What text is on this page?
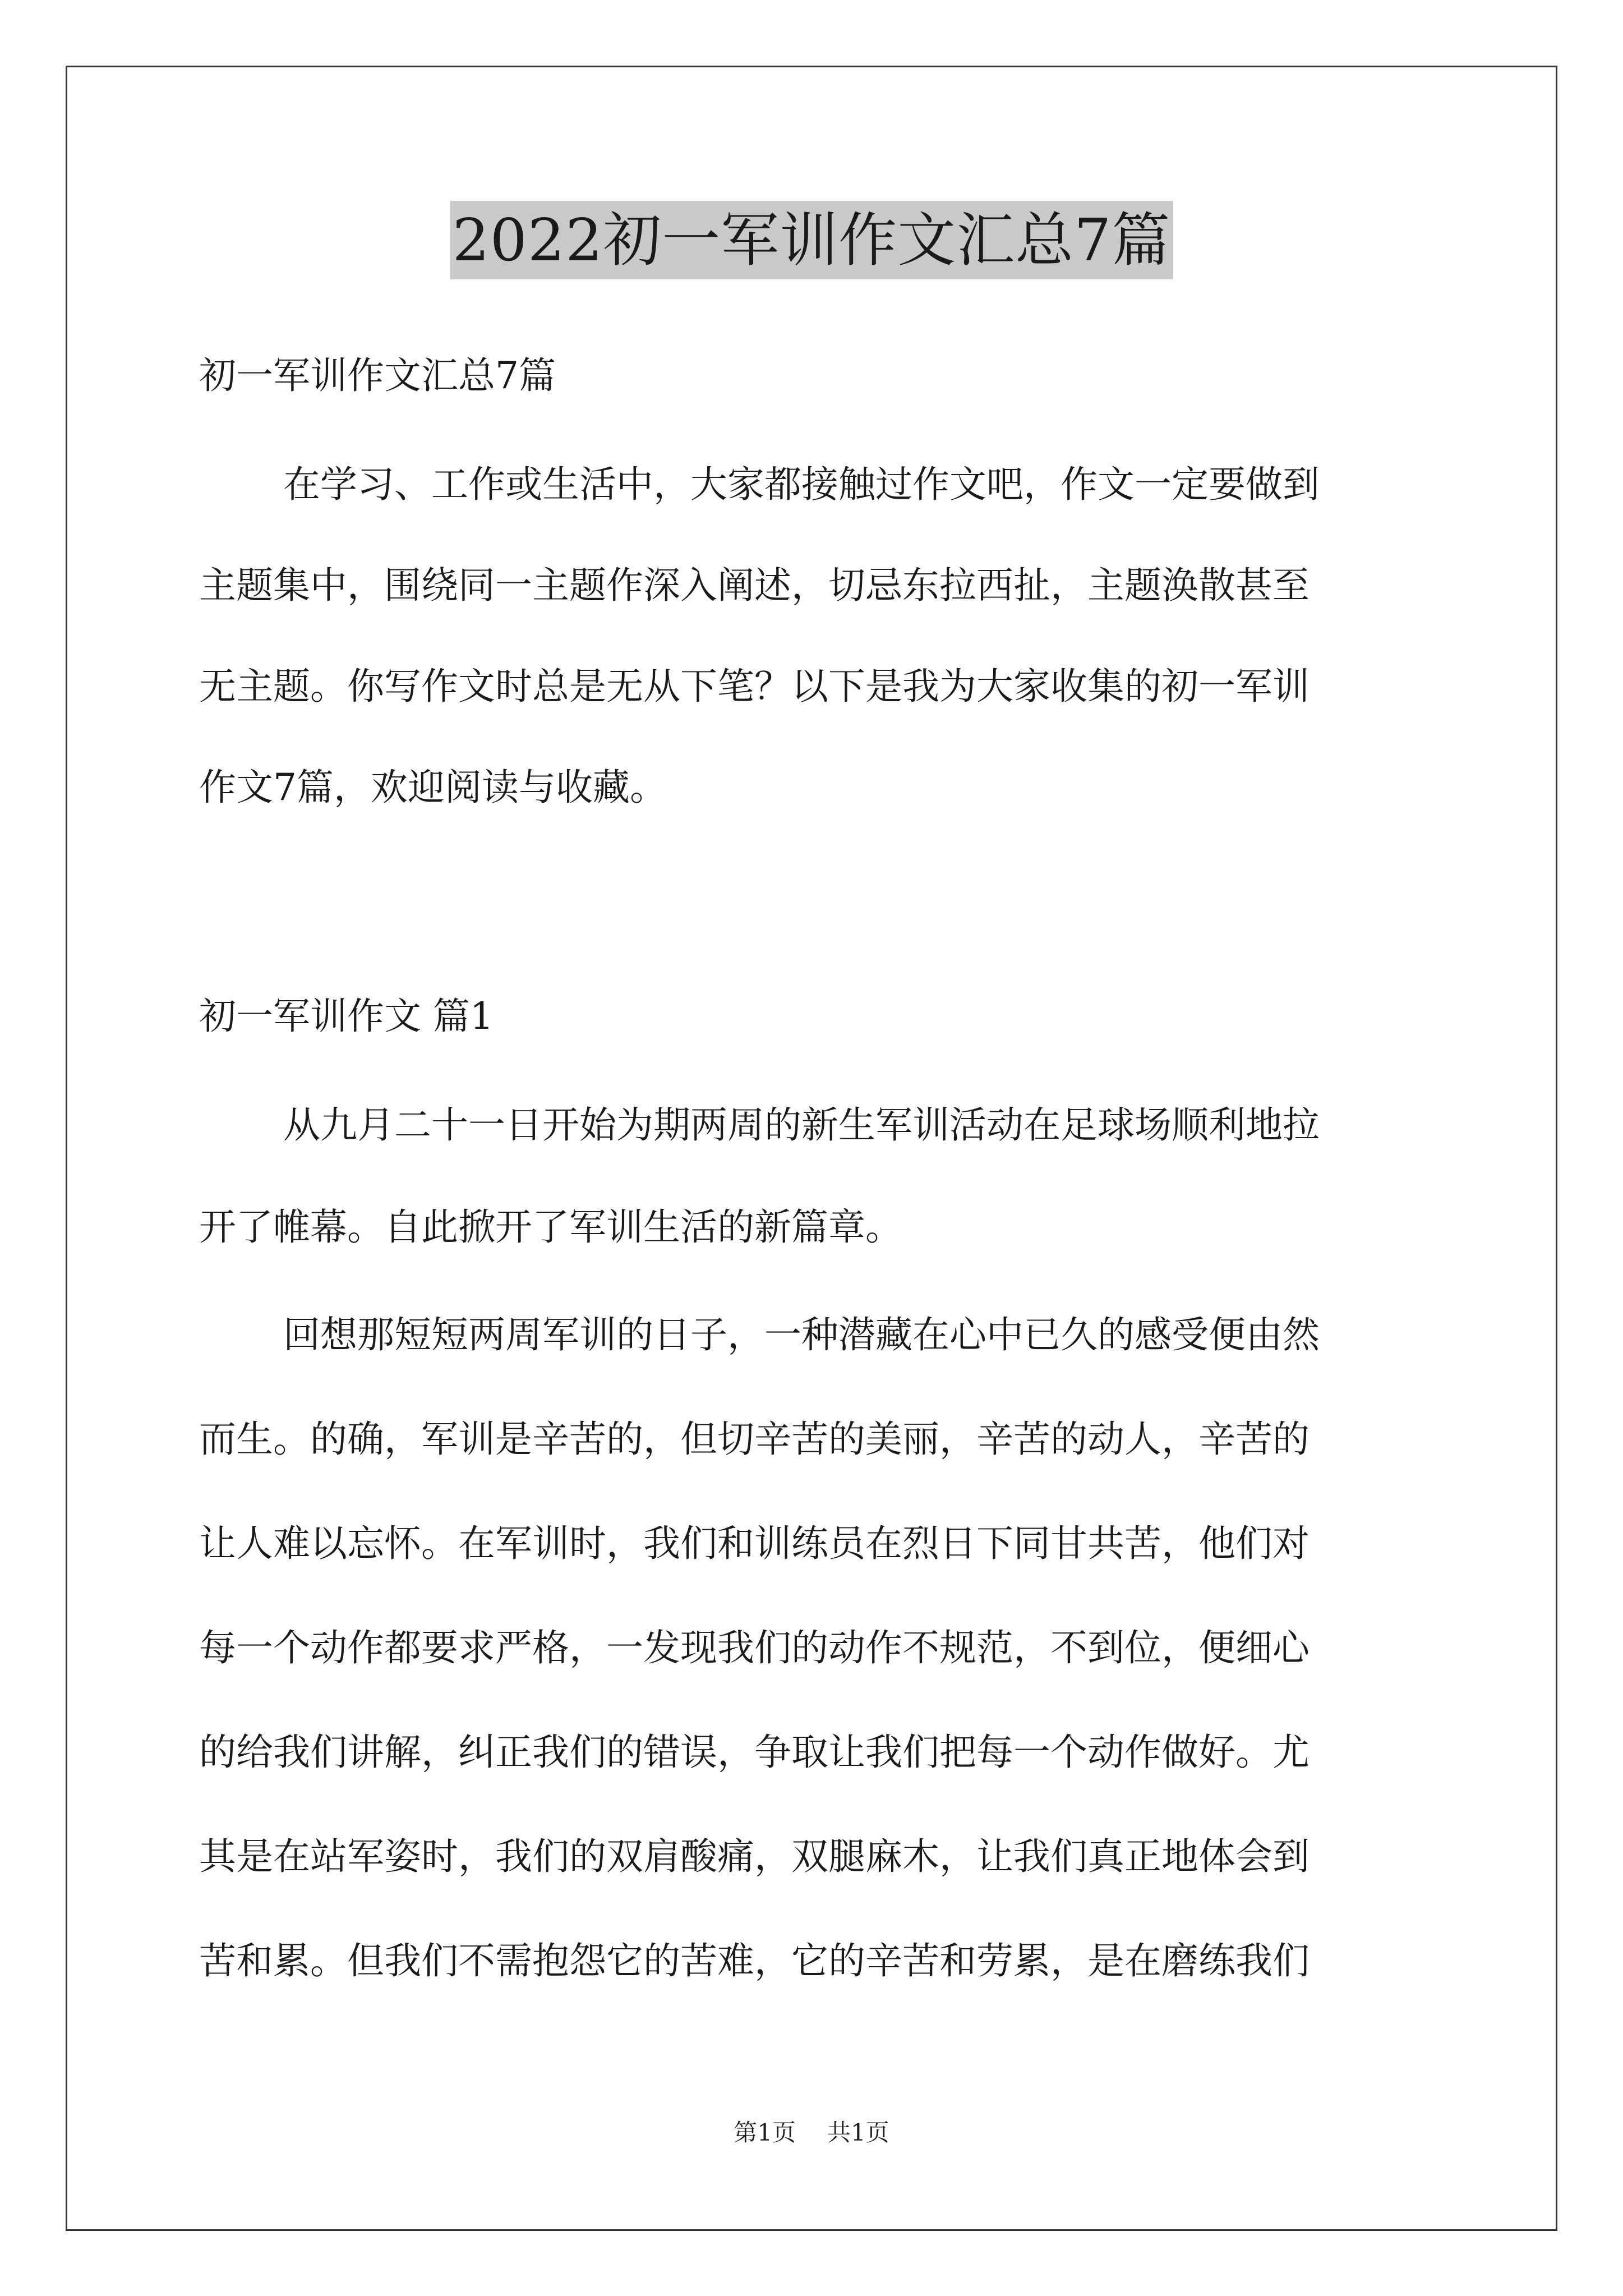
2022初一军训作文汇总7篇

初一军训作文汇总7篇

在学习、工作或生活中，大家都接触过作文吧，作文一定要做到

主题集中，围绕同一主题作深入阐述，切忌东拉西扯，主题涣散甚至

无主题。你写作文时总是无从下笔？以下是我为大家收集的初一军训

作文7篇，欢迎阅读与收藏。

初一军训作文 篇1

从九月二十一日开始为期两周的新生军训活动在足球场顺利地拉

开了帷幕。自此掀开了军训生活的新篇章。

回想那短短两周军训的日子，一种潜藏在心中已久的感受便由然

而生。的确，军训是辛苦的，但切辛苦的美丽，辛苦的动人，辛苦的

让人难以忘怀。在军训时，我们和训练员在烈日下同甘共苦，他们对

每一个动作都要求严格，一发现我们的动作不规范，不到位，便细心

的给我们讲解，纠正我们的错误，争取让我们把每一个动作做好。尤

其是在站军姿时，我们的双肩酸痛，双腿麻木，让我们真正地体会到

苦和累。但我们不需抱怨它的苦难，它的辛苦和劳累，是在磨练我们

第1页 共1页
